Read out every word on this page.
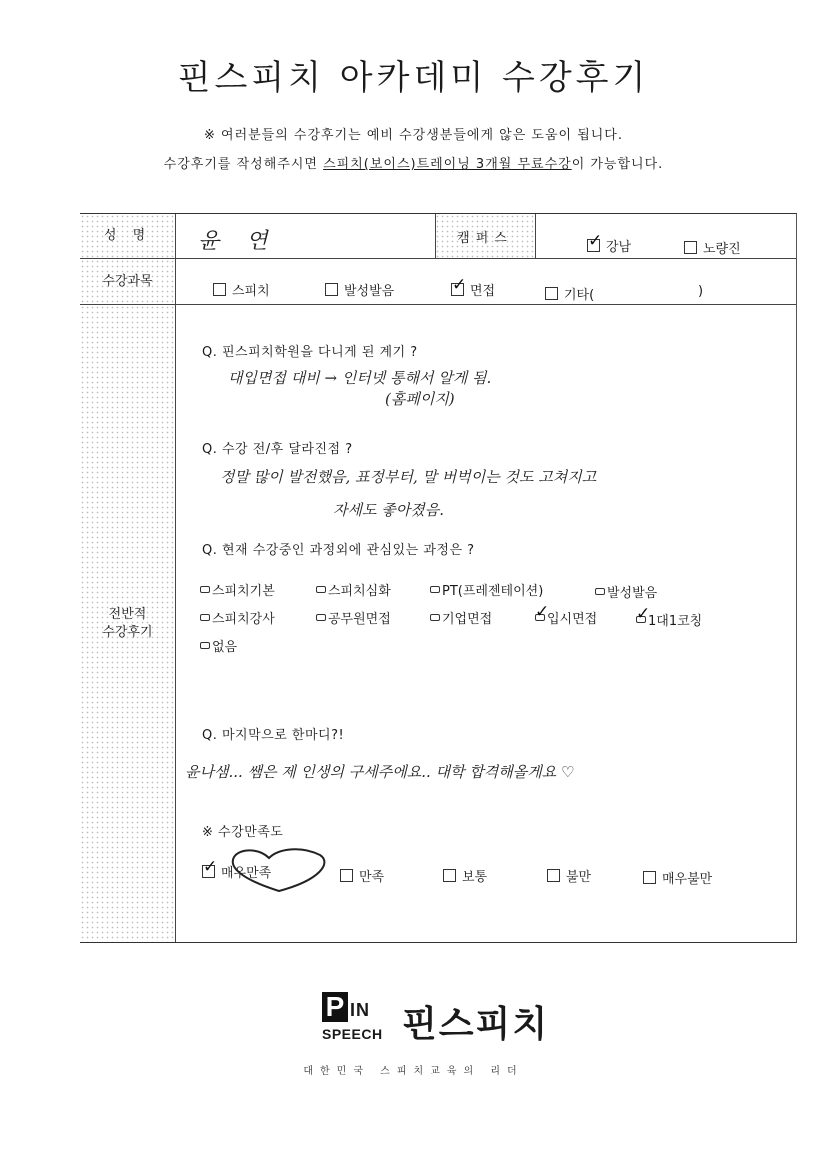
핀스피치 아카데미 수강후기
※ 여러분들의 수강후기는 예비 수강생분들에게 않은 도움이 됩니다.
수강후기를 작성해주시면 스피치(보이스)트레이닝 3개월 무료수강이 가능합니다.
성 명	윤 연	캠퍼스
✓강남	노량진
수강과목
스피치	발성발음 ✓	면접	기타(	)
전반적
수강후기
Q. 핀스피치학원을 다니게 된 계기 ?
대입면접 대비 → 인터넷 통해서 알게 됨.
(홈페이지)
Q. 수강 전/후 달라진점 ?
정말 많이 발전했음, 표정부터, 말 버벅이는 것도 고쳐지고
자세도 좋아졌음.
Q. 현재 수강중인 과정외에 관심있는 과정은 ?
스피치기본	스피치심화	PT(프레젠테이션)	발성발음
스피치강사	공무원면접	기업면접 ✓	입시면접 ✓	1대1코칭
없음
Q. 마지막으로 한마디?!
윤나샘... 쌤은 제 인생의 구세주에요.. 대학 합격해올게요 ♡
※ 수강만족도
✓매우만족	만족	보통	불만	매우불만
P IN
SPEECH 핀스피치
대한민국 스피치교육의 리더
